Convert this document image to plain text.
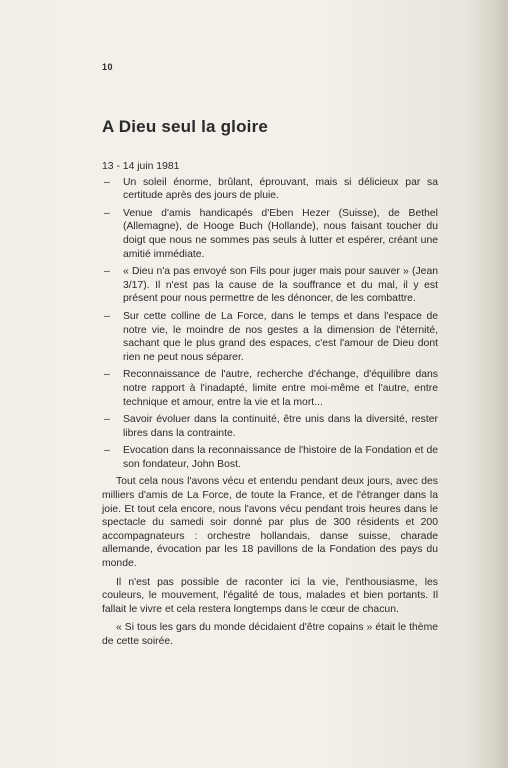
10
A Dieu seul la gloire

13 - 14 juin 1981

– Un soleil énorme, brûlant, éprouvant, mais si délicieux par sa certitude après des jours de pluie.
– Venue d'amis handicapés d'Eben Hezer (Suisse), de Bethel (Allemagne), de Hooge Buch (Hollande), nous faisant toucher du doigt que nous ne sommes pas seuls à lutter et espérer, créant une amitié immédiate.
– « Dieu n'a pas envoyé son Fils pour juger mais pour sauver » (Jean 3/17). Il n'est pas la cause de la souffrance et du mal, il y est présent pour nous permettre de les dénoncer, de les combattre.
– Sur cette colline de La Force, dans le temps et dans l'espace de notre vie, le moindre de nos gestes a la dimension de l'éternité, sachant que le plus grand des espaces, c'est l'amour de Dieu dont rien ne peut nous séparer.
– Reconnaissance de l'autre, recherche d'échange, d'équilibre dans notre rapport à l'inadapté, limite entre moi-même et l'autre, entre technique et amour, entre la vie et la mort...
– Savoir évoluer dans la continuité, être unis dans la diversité, rester libres dans la contrainte.
– Evocation dans la reconnaissance de l'histoire de la Fondation et de son fondateur, John Bost.

Tout cela nous l'avons vécu et entendu pendant deux jours, avec des milliers d'amis de La Force, de toute la France, et de l'étranger dans la joie. Et tout cela encore, nous l'avons vécu pendant trois heures dans le spectacle du samedi soir donné par plus de 300 résidents et 200 accompagnateurs : orchestre hollandais, danse suisse, charade allemande, évocation par les 18 pavillons de la Fondation des pays du monde.

Il n'est pas possible de raconter ici la vie, l'enthousiasme, les couleurs, le mouvement, l'égalité de tous, malades et bien portants. Il fallait le vivre et cela restera longtemps dans le cœur de chacun.

« Si tous les gars du monde décidaient d'être copains » était le thème de cette soirée.
